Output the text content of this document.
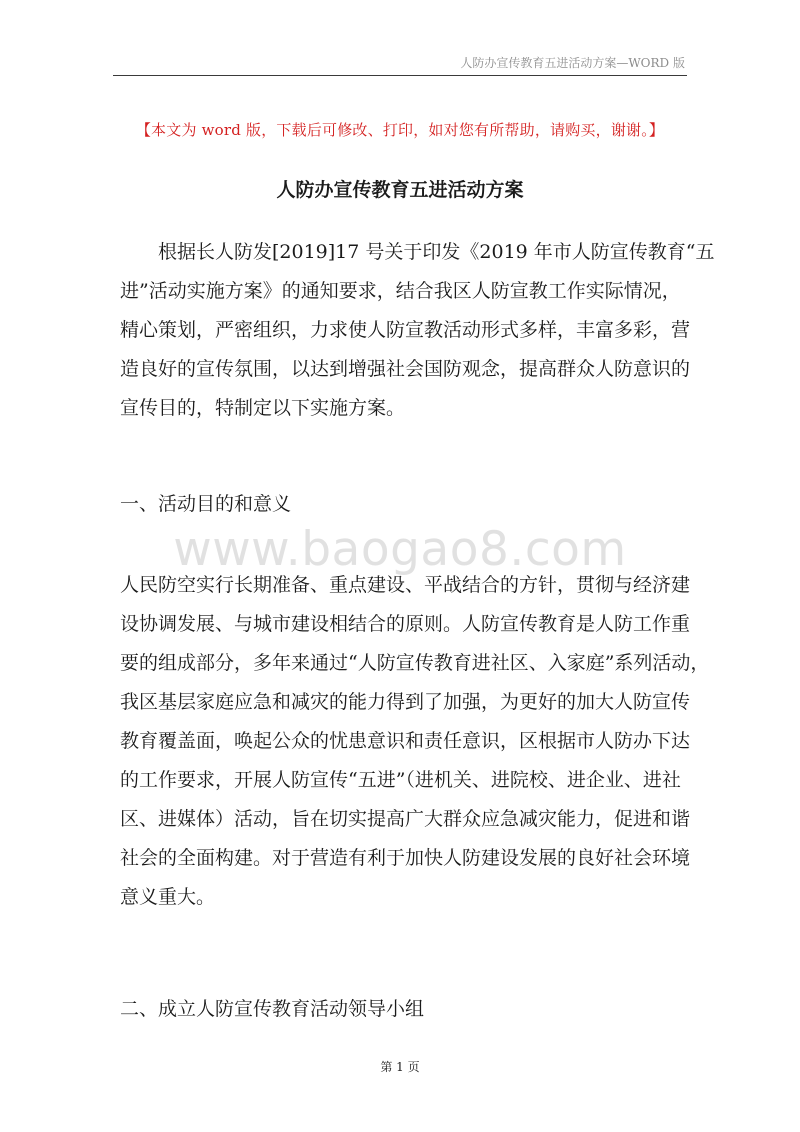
人防办宣传教育五进活动方案—WORD 版
【本文为 word 版，下载后可修改、打印，如对您有所帮助，请购买，谢谢。】
人防办宣传教育五进活动方案
根据长人防发[2019]17 号关于印发《2019 年市人防宣传教育“五
进”活动实施方案》的通知要求，结合我区人防宣教工作实际情况，
精心策划，严密组织，力求使人防宣教活动形式多样，丰富多彩，营
造良好的宣传氛围，以达到增强社会国防观念，提高群众人防意识的
宣传目的，特制定以下实施方案。
一、活动目的和意义
www.baogao8.com
人民防空实行长期准备、重点建设、平战结合的方针，贯彻与经济建
设协调发展、与城市建设相结合的原则。人防宣传教育是人防工作重
要的组成部分，多年来通过“人防宣传教育进社区、入家庭”系列活动，
我区基层家庭应急和减灾的能力得到了加强，为更好的加大人防宣传
教育覆盖面，唤起公众的忧患意识和责任意识，区根据市人防办下达
的工作要求，开展人防宣传“五进”（进机关、进院校、进企业、进社
区、进媒体）活动，旨在切实提高广大群众应急减灾能力，促进和谐
社会的全面构建。对于营造有利于加快人防建设发展的良好社会环境
意义重大。
二、成立人防宣传教育活动领导小组
第 1 页
